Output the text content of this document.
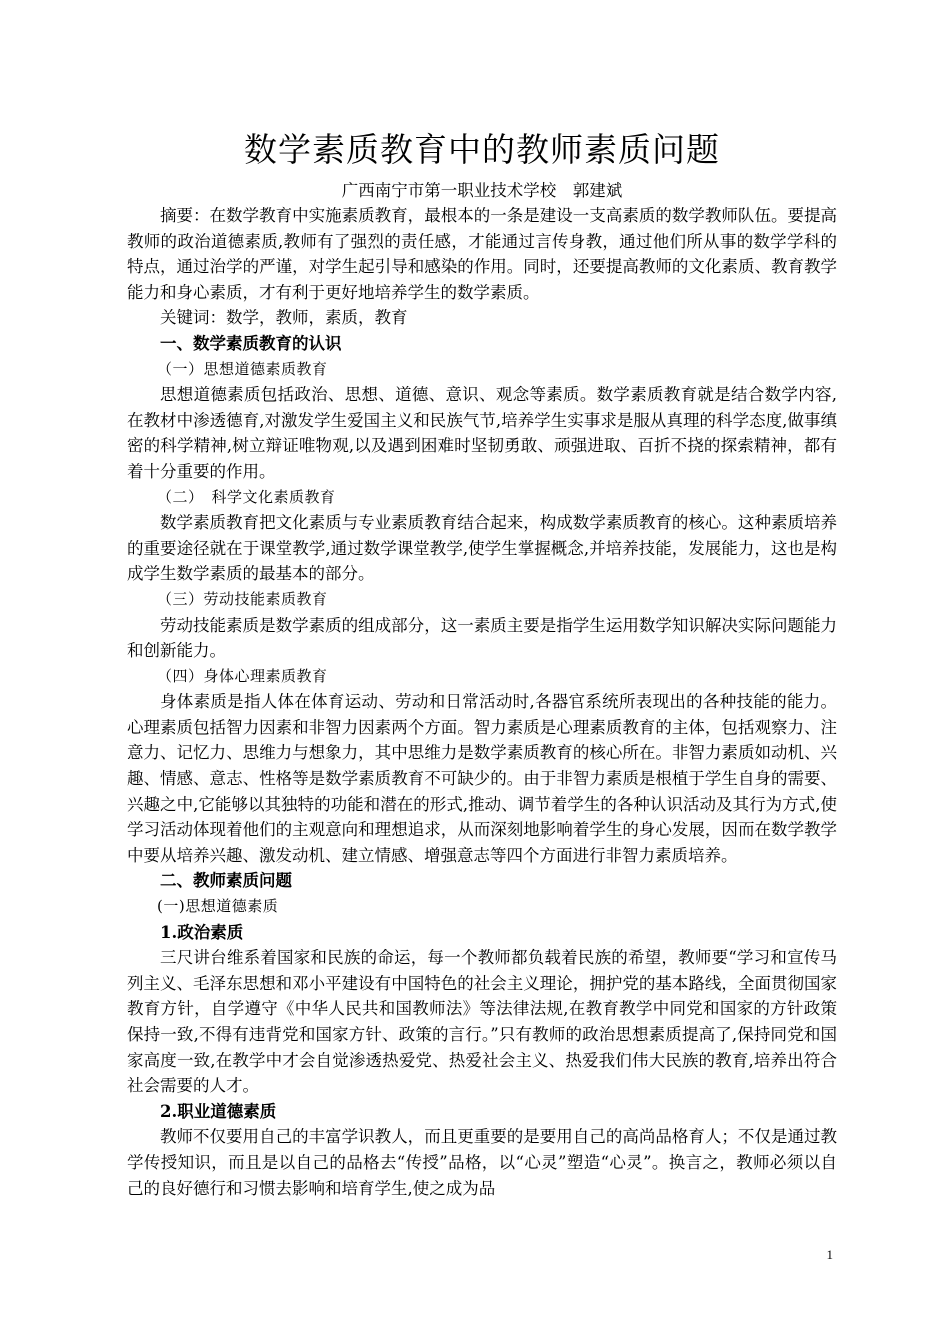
数学素质教育中的教师素质问题

广西南宁市第一职业技术学校　郭建斌

摘要：在数学教育中实施素质教育，最根本的一条是建设一支高素质的数学教师队伍。要提高教师的政治道德素质,教师有了强烈的责任感，才能通过言传身教，通过他们所从事的数学学科的特点，通过治学的严谨，对学生起引导和感染的作用。同时，还要提高教师的文化素质、教育教学能力和身心素质，才有利于更好地培养学生的数学素质。

关键词：数学，教师，素质，教育

一、数学素质教育的认识

（一）思想道德素质教育

思想道德素质包括政治、思想、道德、意识、观念等素质。数学素质教育就是结合数学内容,在教材中渗透德育,对激发学生爱国主义和民族气节,培养学生实事求是服从真理的科学态度,做事缜密的科学精神,树立辩证唯物观,以及遇到困难时坚韧勇敢、顽强进取、百折不挠的探索精神，都有着十分重要的作用。

（二）　科学文化素质教育

数学素质教育把文化素质与专业素质教育结合起来，构成数学素质教育的核心。这种素质培养的重要途径就在于课堂教学,通过数学课堂教学,使学生掌握概念,并培养技能，发展能力，这也是构成学生数学素质的最基本的部分。

（三）劳动技能素质教育

劳动技能素质是数学素质的组成部分，这一素质主要是指学生运用数学知识解决实际问题能力和创新能力。

（四）身体心理素质教育

身体素质是指人体在体育运动、劳动和日常活动时,各器官系统所表现出的各种技能的能力。心理素质包括智力因素和非智力因素两个方面。智力素质是心理素质教育的主体，包括观察力、注意力、记忆力、思维力与想象力，其中思维力是数学素质教育的核心所在。非智力素质如动机、兴趣、情感、意志、性格等是数学素质教育不可缺少的。由于非智力素质是根植于学生自身的需要、兴趣之中,它能够以其独特的功能和潜在的形式,推动、调节着学生的各种认识活动及其行为方式,使学习活动体现着他们的主观意向和理想追求，从而深刻地影响着学生的身心发展，因而在数学教学中要从培养兴趣、激发动机、建立情感、增强意志等四个方面进行非智力素质培养。

二、教师素质问题

(一)思想道德素质

1.政治素质

三尺讲台维系着国家和民族的命运，每一个教师都负载着民族的希望，教师要“学习和宣传马列主义、毛泽东思想和邓小平建设有中国特色的社会主义理论，拥护党的基本路线，全面贯彻国家教育方针，自学遵守《中华人民共和国教师法》等法律法规,在教育教学中同党和国家的方针政策保持一致,不得有违背党和国家方针、政策的言行。”只有教师的政治思想素质提高了,保持同党和国家高度一致,在教学中才会自觉渗透热爱党、热爱社会主义、热爱我们伟大民族的教育,培养出符合社会需要的人才。

2.职业道德素质

教师不仅要用自己的丰富学识教人，而且更重要的是要用自己的高尚品格育人；不仅是通过教学传授知识，而且是以自己的品格去“传授”品格，以“心灵”塑造“心灵”。换言之，教师必须以自己的良好德行和习惯去影响和培育学生,使之成为品

1
